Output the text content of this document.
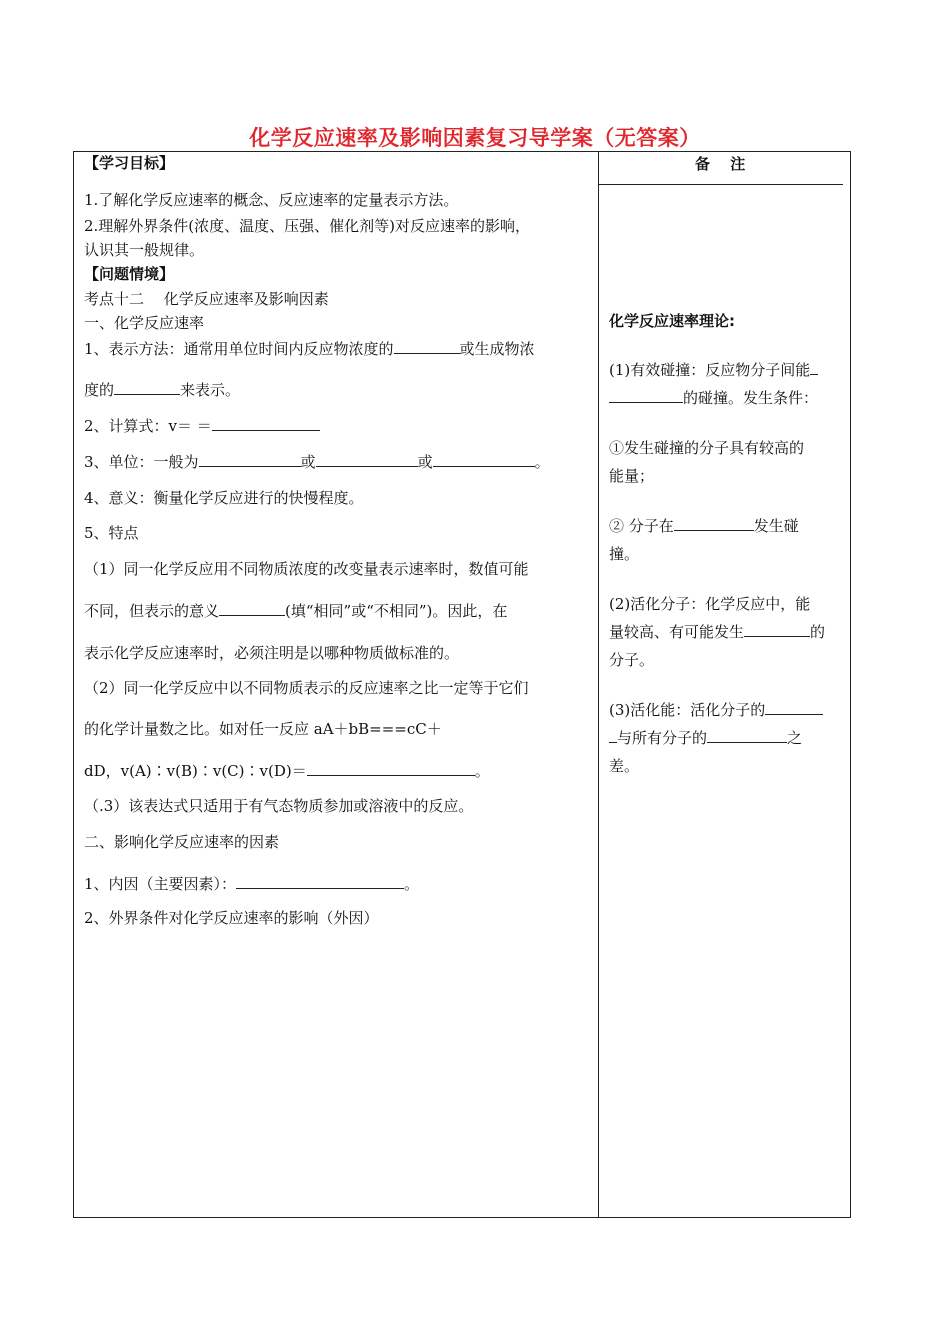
化学反应速率及影响因素复习导学案（无答案）
【学习目标】
1.了解化学反应速率的概念、反应速率的定量表示方法。
2.理解外界条件(浓度、温度、压强、催化剂等)对反应速率的影响，
认识其一般规律。
【问题情境】
考点十二　 化学反应速率及影响因素
一、化学反应速率
1、表示方法：通常用单位时间内反应物浓度的	或生成物浓
度的	来表示。
2、计算式：v＝ ＝
3、单位：一般为	或	或	。
4、意义：衡量化学反应进行的快慢程度。
5、特点
（1）同一化学反应用不同物质浓度的改变量表示速率时，数值可能
不同，但表示的意义	(填“相同”或“不相同”)。因此，在
表示化学反应速率时，必须注明是以哪种物质做标准的。
（2）同一化学反应中以不同物质表示的反应速率之比一定等于它们
的化学计量数之比。如对任一反应 aA＋bB===cC＋
dD，v(A)∶v(B)∶v(C)∶v(D)＝	。
（.3）该表达式只适用于有气态物质参加或溶液中的反应。
二、影响化学反应速率的因素
1、内因（主要因素）：	。
2、外界条件对化学反应速率的影响（外因）
备　 注
化学反应速率理论:
(1)有效碰撞：反应物分子间能
的碰撞。发生条件：
①发生碰撞的分子具有较高的
能量；
② 分子在	发生碰
撞。
(2)活化分子：化学反应中，能
量较高、有可能发生	的
分子。
(3)活化能：活化分子的
与所有分子的	之
差。
